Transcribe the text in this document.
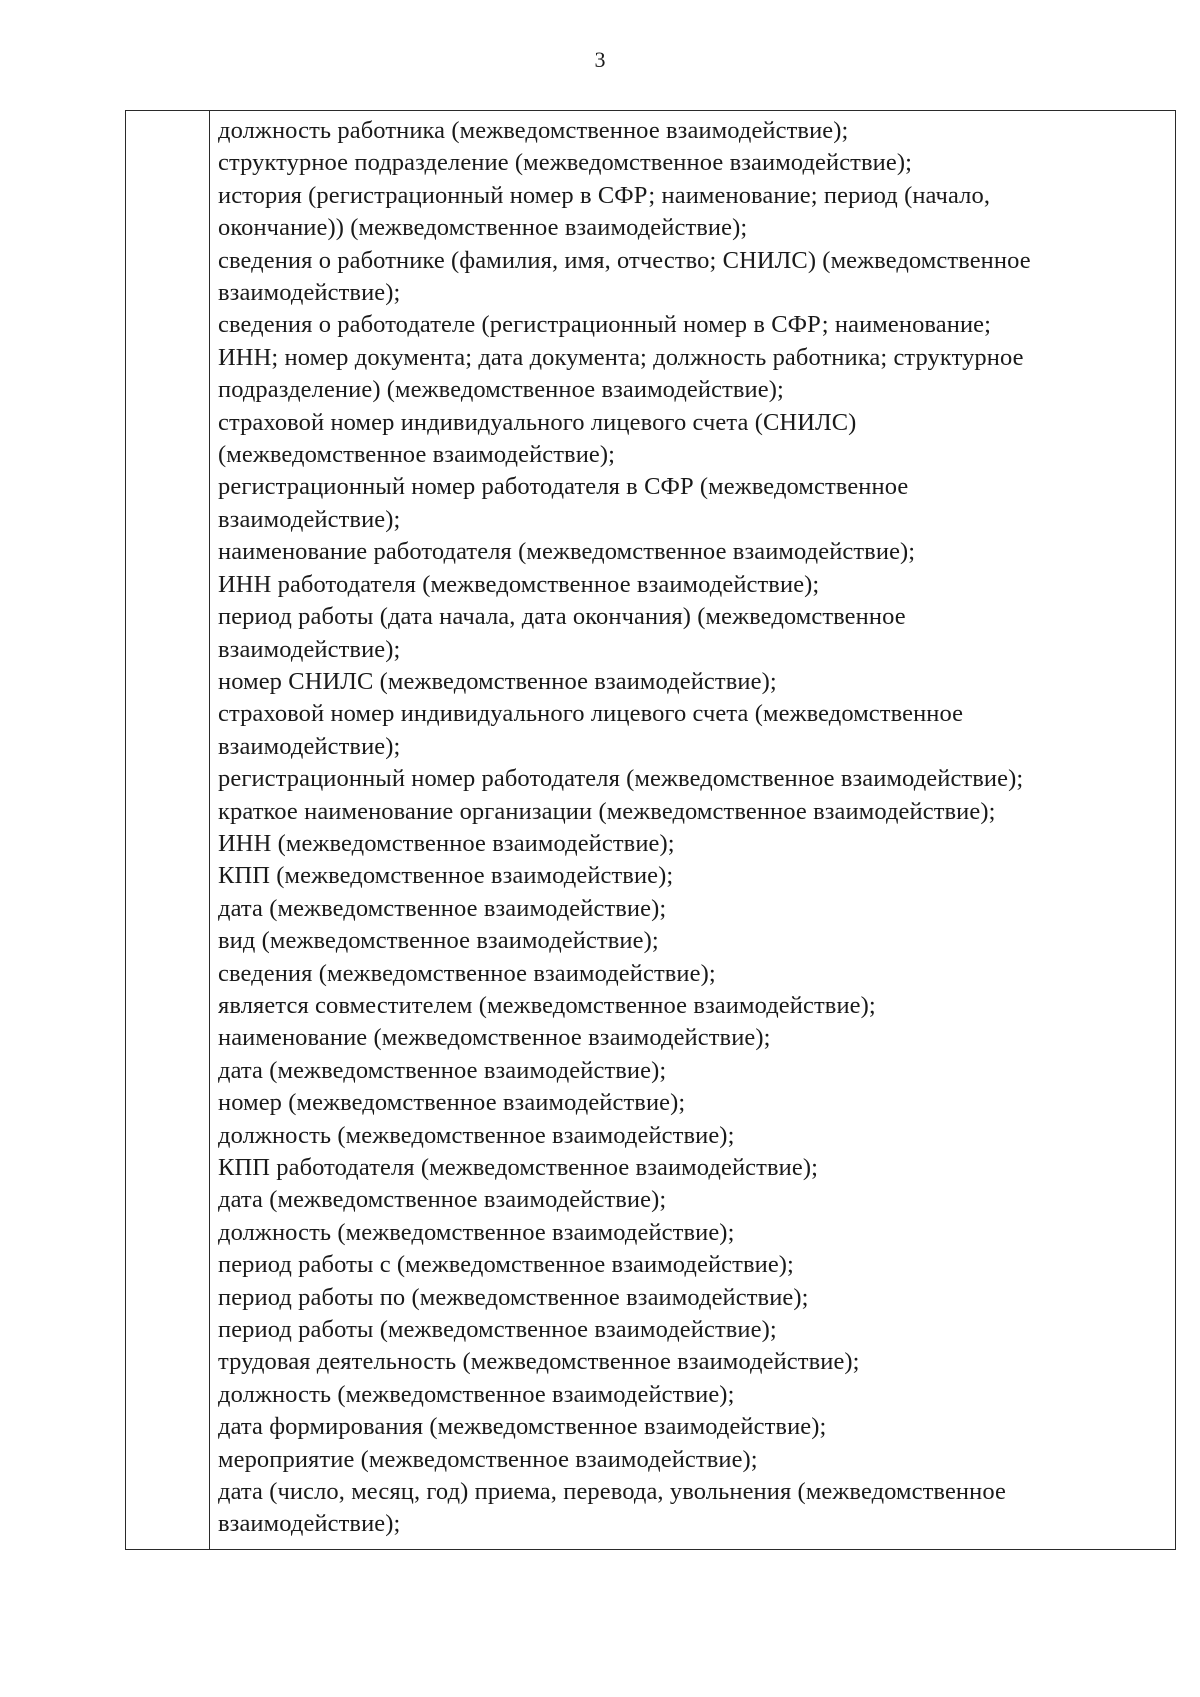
3
должность работника (межведомственное взаимодействие);
структурное подразделение (межведомственное взаимодействие);
история (регистрационный номер в СФР; наименование; период (начало,
окончание)) (межведомственное взаимодействие);
сведения о работнике (фамилия, имя, отчество; СНИЛС) (межведомственное
взаимодействие);
сведения о работодателе (регистрационный номер в СФР; наименование;
ИНН; номер документа; дата документа; должность работника; структурное
подразделение) (межведомственное взаимодействие);
страховой номер индивидуального лицевого счета (СНИЛС)
(межведомственное взаимодействие);
регистрационный номер работодателя в СФР (межведомственное
взаимодействие);
наименование работодателя (межведомственное взаимодействие);
ИНН работодателя (межведомственное взаимодействие);
период работы (дата начала, дата окончания) (межведомственное
взаимодействие);
номер СНИЛС (межведомственное взаимодействие);
страховой номер индивидуального лицевого счета (межведомственное
взаимодействие);
регистрационный номер работодателя (межведомственное взаимодействие);
краткое наименование организации (межведомственное взаимодействие);
ИНН (межведомственное взаимодействие);
КПП (межведомственное взаимодействие);
дата (межведомственное взаимодействие);
вид (межведомственное взаимодействие);
сведения (межведомственное взаимодействие);
является совместителем (межведомственное взаимодействие);
наименование (межведомственное взаимодействие);
дата (межведомственное взаимодействие);
номер (межведомственное взаимодействие);
должность (межведомственное взаимодействие);
КПП работодателя (межведомственное взаимодействие);
дата (межведомственное взаимодействие);
должность (межведомственное взаимодействие);
период работы с (межведомственное взаимодействие);
период работы по (межведомственное взаимодействие);
период работы (межведомственное взаимодействие);
трудовая деятельность (межведомственное взаимодействие);
должность (межведомственное взаимодействие);
дата формирования (межведомственное взаимодействие);
мероприятие (межведомственное взаимодействие);
дата (число, месяц, год) приема, перевода, увольнения (межведомственное
взаимодействие);
